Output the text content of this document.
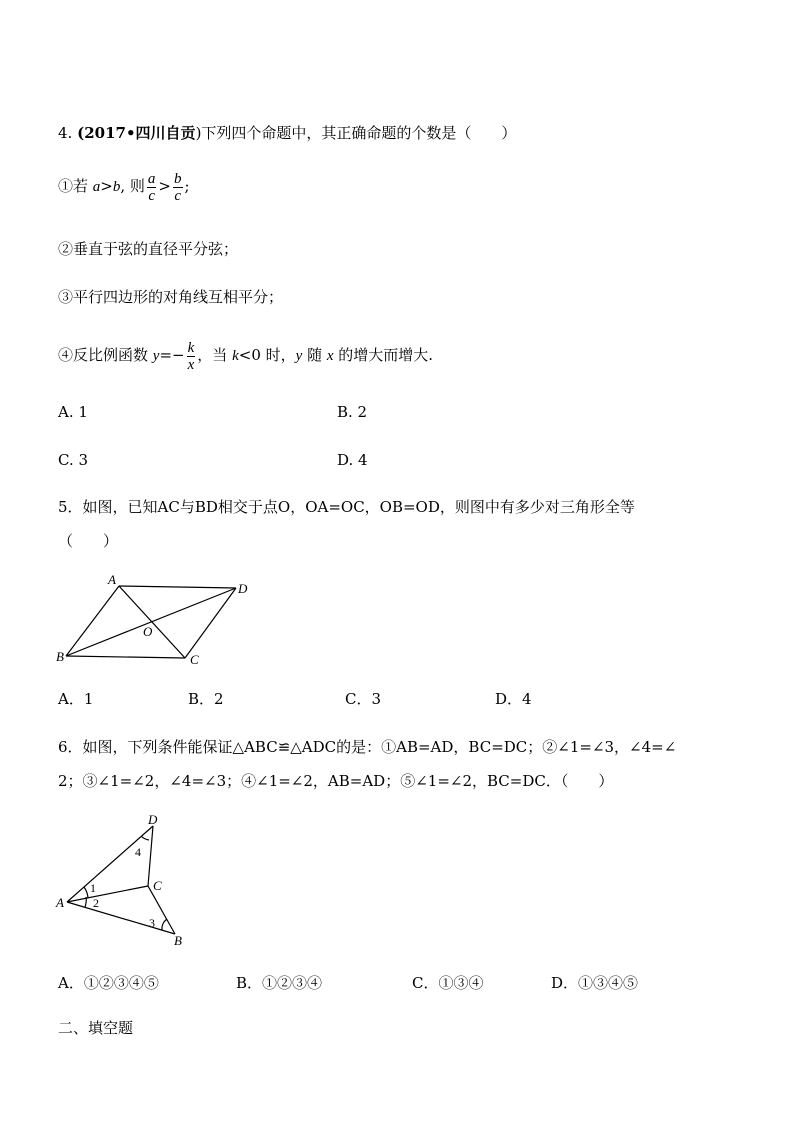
4. (2017•四川自贡)下列四个命题中，其正确命题的个数是（　　）
①若 a>b, 则 $\frac{a}{c} > \frac{b}{c}$ ;
②垂直于弦的直径平分弦；
③平行四边形的对角线互相平分；
④反比例函数 $y=- \frac{k}{x}$ ，当 k<0 时，y 随 x 的增大而增大.
A. 1	B. 2
C. 3	D. 4
5．如图，已知AC与BD相交于点O，OA=OC，OB=OD，则图中有多少对三角形全等
（　　）
A
D
O
B	C
A．1	B．2	C．3	D．4
6．如图，下列条件能保证△ABC≌△ADC的是：①AB=AD，BC=DC；②∠1=∠3，∠4=∠
2；③∠1=∠2，∠4=∠3；④∠1=∠2，AB=AD；⑤∠1=∠2，BC=DC．（　　）
D
4
C
1
2
A
3
B
A．①②③④⑤	B．①②③④	C．①③④	D．①③④⑤
二、填空题
